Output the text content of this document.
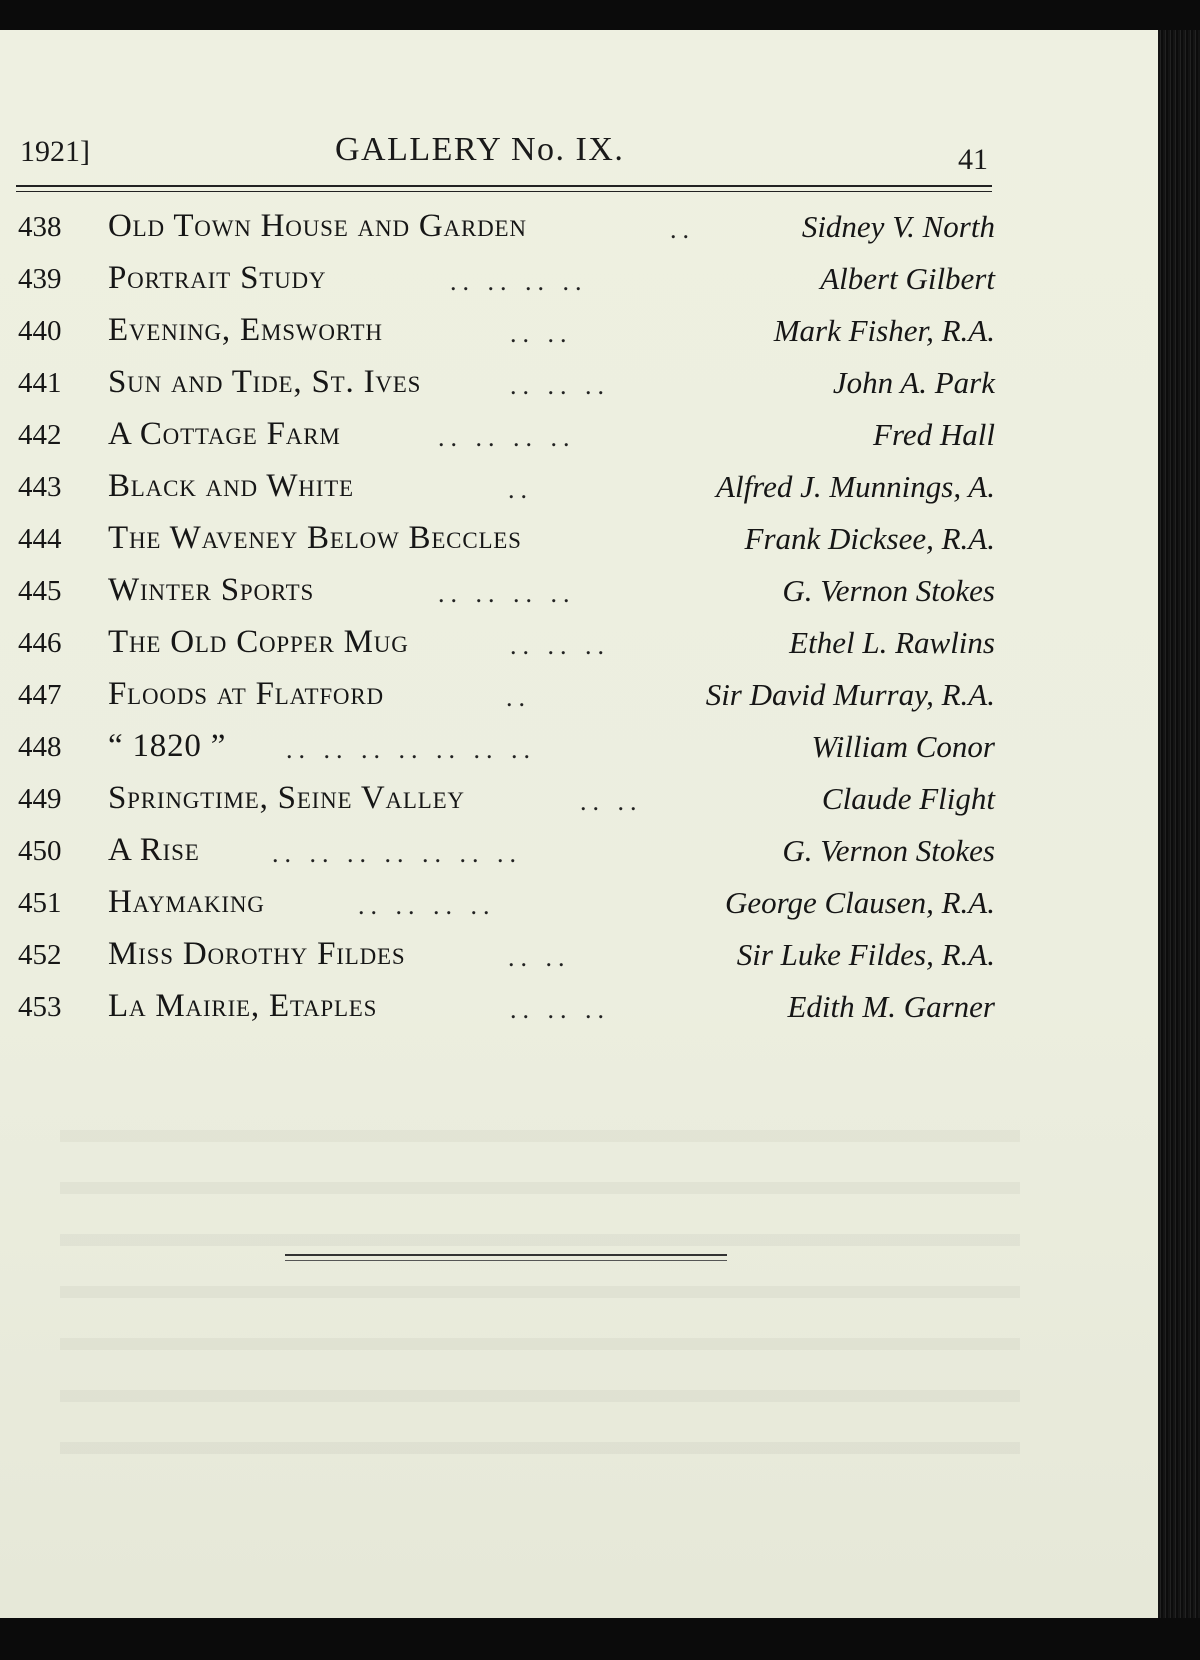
1921]	GALLERY No. IX.	41
438 Old Town House and Garden	..	Sidney V. North
439 Portrait Study	.. .. .. ..	Albert Gilbert
440 Evening, Emsworth	.. ..	Mark Fisher, R.A.
441 Sun and Tide, St. Ives	.. .. ..	John A. Park
442 A Cottage Farm	.. .. .. ..	Fred Hall
443 Black and White	..	Alfred J. Munnings, A.
444 The Waveney Below Beccles	Frank Dicksee, R.A.
445 Winter Sports	.. .. .. ..	G. Vernon Stokes
446 The Old Copper Mug	.. .. ..	Ethel L. Rawlins
447 Floods at Flatford	..	Sir David Murray, R.A.
448 “ 1820 ” .. .. .. .. .. .. ..	William Conor
449 Springtime, Seine Valley	.. ..	Claude Flight
450 A Rise	.. .. .. .. .. .. ..	G. Vernon Stokes
451 Haymaking	.. .. .. ..	George Clausen, R.A.
452 Miss Dorothy Fildes	.. ..	Sir Luke Fildes, R.A.
453 La Mairie, Etaples	.. .. ..	Edith M. Garner
